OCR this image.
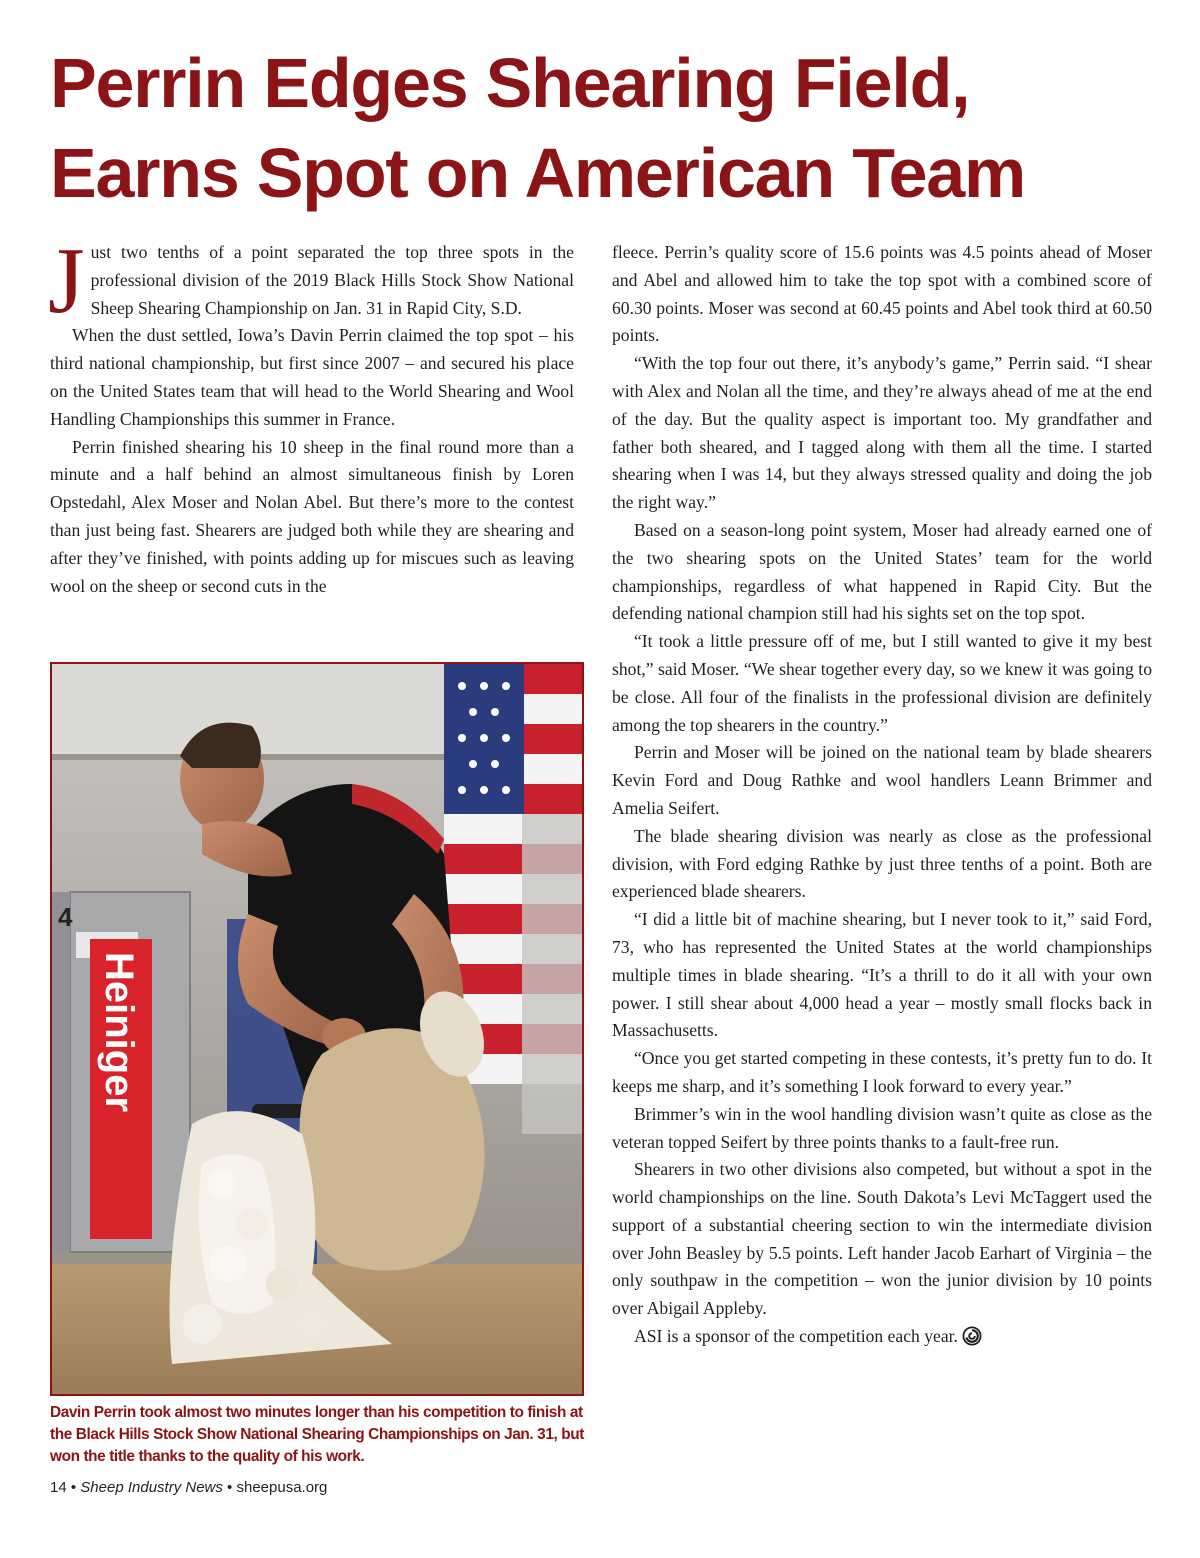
Perrin Edges Shearing Field,
Earns Spot on American Team

Just two tenths of a point separated the top three spots in the professional division of the 2019 Black Hills Stock Show National Sheep Shearing Championship on Jan. 31 in Rapid City, S.D.

When the dust settled, Iowa’s Davin Perrin claimed the top spot – his third national championship, but first since 2007 – and secured his place on the United States team that will head to the World Shearing and Wool Handling Championships this summer in France.

Perrin finished shearing his 10 sheep in the final round more than a minute and a half behind an almost simultaneous finish by Loren Opstedahl, Alex Moser and Nolan Abel. But there’s more to the contest than just being fast. Shearers are judged both while they are shearing and after they’ve finished, with points adding up for miscues such as leaving wool on the sheep or second cuts in the

Heiniger
4

Davin Perrin took almost two minutes longer than his competition to finish at the Black Hills Stock Show National Shearing Championships on Jan. 31, but won the title thanks to the quality of his work.

fleece. Perrin’s quality score of 15.6 points was 4.5 points ahead of Moser and Abel and allowed him to take the top spot with a combined score of 60.30 points. Moser was second at 60.45 points and Abel took third at 60.50 points.

“With the top four out there, it’s anybody’s game,” Perrin said. “I shear with Alex and Nolan all the time, and they’re always ahead of me at the end of the day. But the quality aspect is important too. My grandfather and father both sheared, and I tagged along with them all the time. I started shearing when I was 14, but they always stressed quality and doing the job the right way.”

Based on a season-long point system, Moser had already earned one of the two shearing spots on the United States’ team for the world championships, regardless of what happened in Rapid City. But the defending national champion still had his sights set on the top spot.

“It took a little pressure off of me, but I still wanted to give it my best shot,” said Moser. “We shear together every day, so we knew it was going to be close. All four of the finalists in the professional division are definitely among the top shearers in the country.”

Perrin and Moser will be joined on the national team by blade shearers Kevin Ford and Doug Rathke and wool handlers Leann Brimmer and Amelia Seifert.

The blade shearing division was nearly as close as the professional division, with Ford edging Rathke by just three tenths of a point. Both are experienced blade shearers.

“I did a little bit of machine shearing, but I never took to it,” said Ford, 73, who has represented the United States at the world championships multiple times in blade shearing. “It’s a thrill to do it all with your own power. I still shear about 4,000 head a year – mostly small flocks back in Massachusetts.

“Once you get started competing in these contests, it’s pretty fun to do. It keeps me sharp, and it’s something I look forward to every year.”

Brimmer’s win in the wool handling division wasn’t quite as close as the veteran topped Seifert by three points thanks to a fault-free run.

Shearers in two other divisions also competed, but without a spot in the world championships on the line. South Dakota’s Levi McTaggert used the support of a substantial cheering section to win the intermediate division over John Beasley by 5.5 points. Left hander Jacob Earhart of Virginia – the only southpaw in the competition – won the junior division by 10 points over Abigail Appleby.

ASI is a sponsor of the competition each year.

14 • Sheep Industry News • sheepusa.org
